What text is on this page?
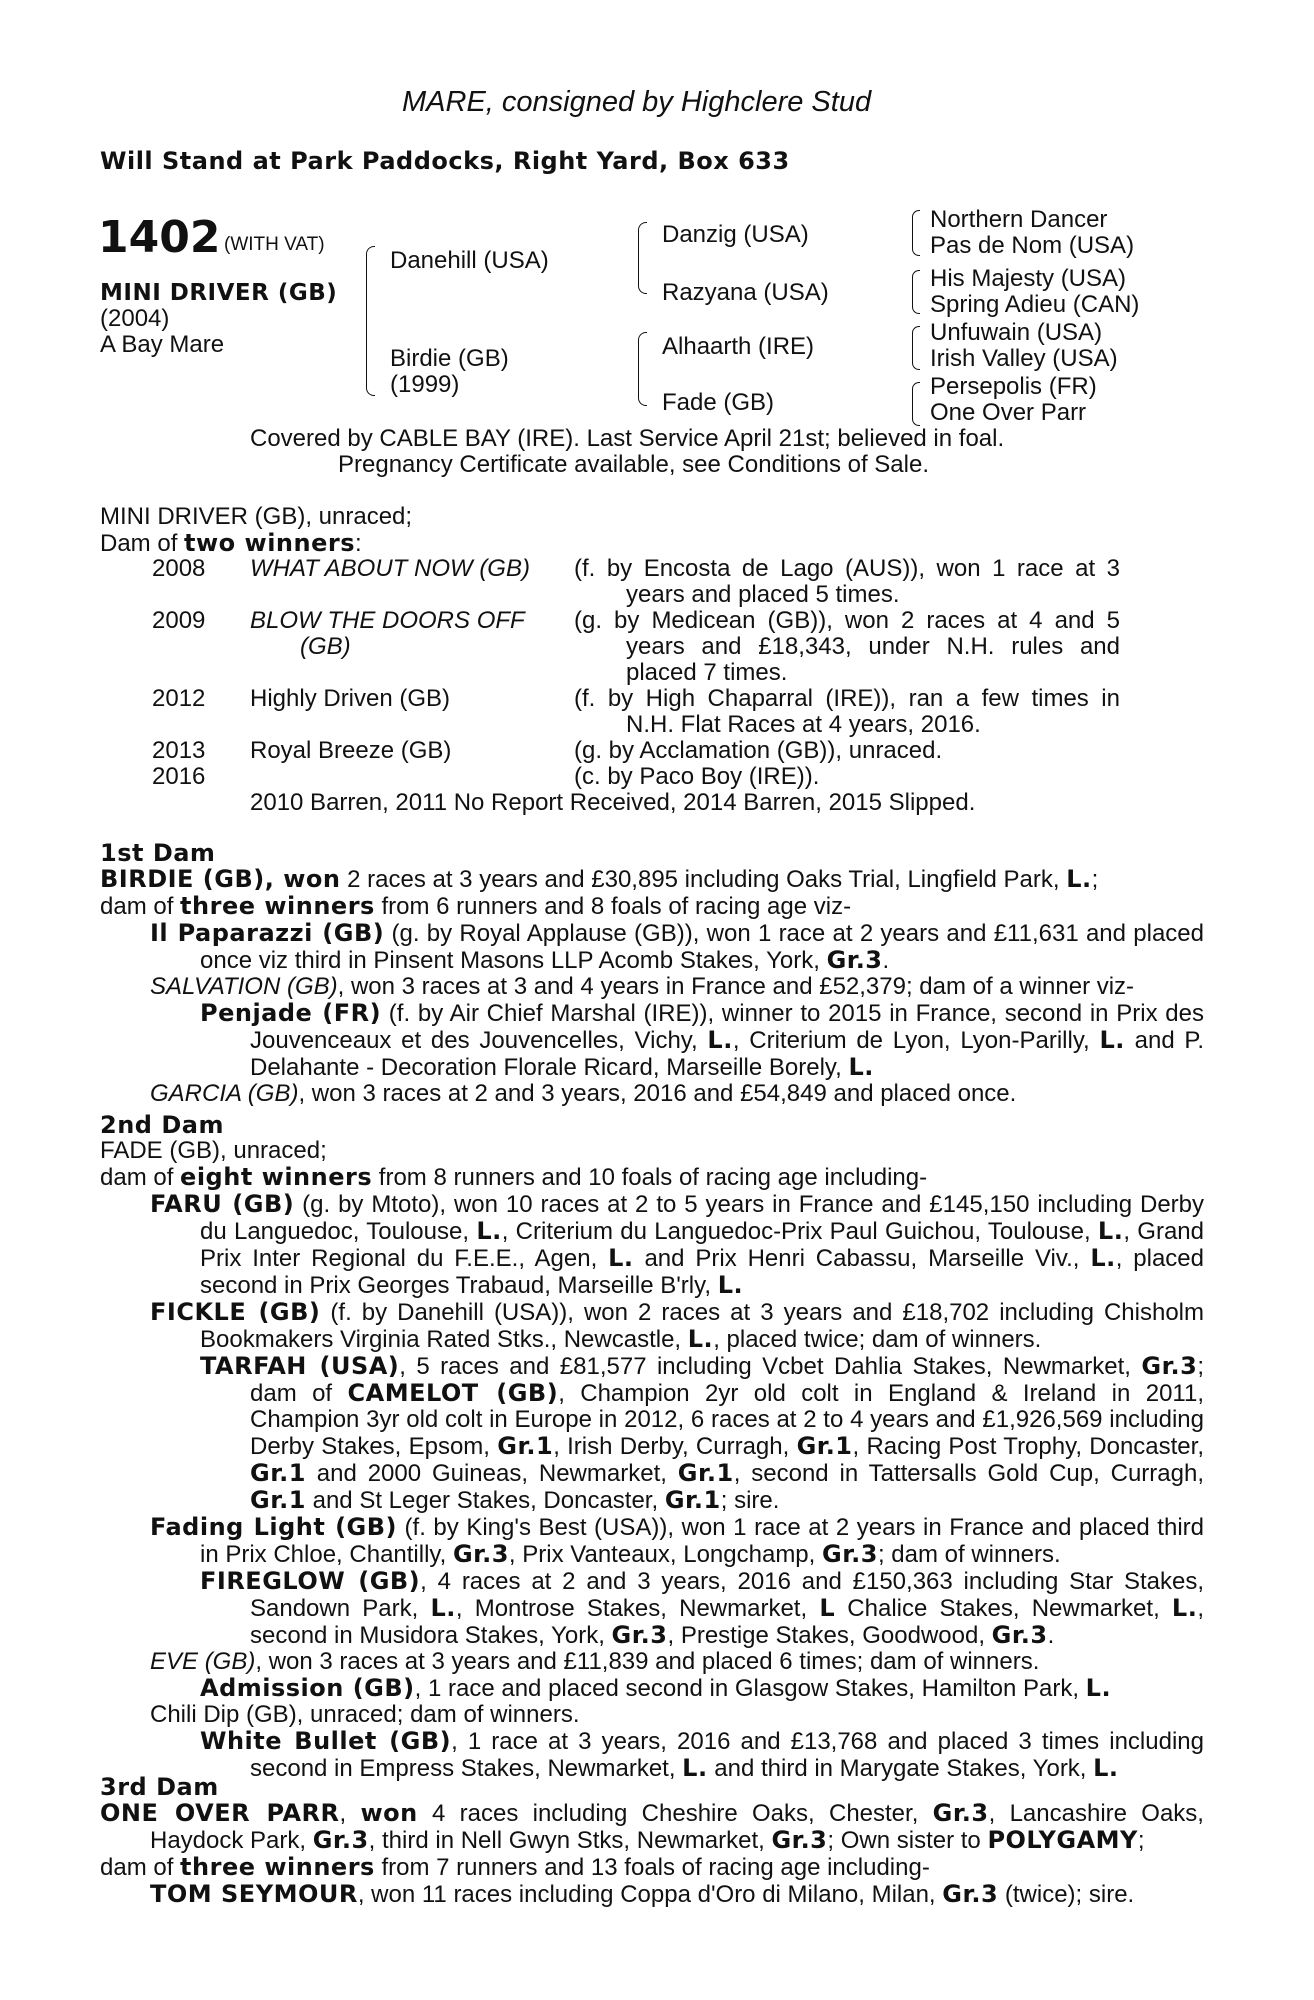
MARE, consigned by Highclere Stud
Will Stand at Park Paddocks, Right Yard, Box 633
1402 (WITH VAT)
MINI DRIVER (GB)
(2004)
A Bay Mare
Danehill (USA)
Birdie (GB)
(1999)
Danzig (USA)
Razyana (USA)
Alhaarth (IRE)
Fade (GB)
Northern Dancer
Pas de Nom (USA)
His Majesty (USA)
Spring Adieu (CAN)
Unfuwain (USA)
Irish Valley (USA)
Persepolis (FR)
One Over Parr
Covered by CABLE BAY (IRE). Last Service April 21st; believed in foal.
Pregnancy Certificate available, see Conditions of Sale.
MINI DRIVER (GB), unraced;
Dam of two winners:
2008 WHAT ABOUT NOW (GB) (f. by Encosta de Lago (AUS)), won 1 race at 3
years and placed 5 times.
2009 BLOW THE DOORS OFF
(GB)
(g. by Medicean (GB)), won 2 races at 4 and 5
years and £18,343, under N.H. rules and
placed 7 times.
2012 Highly Driven (GB)	(f. by High Chaparral (IRE)), ran a few times in
N.H. Flat Races at 4 years, 2016.
2013 Royal Breeze (GB)	(g. by Acclamation (GB)), unraced.
2016	(c. by Paco Boy (IRE)).
2010 Barren, 2011 No Report Received, 2014 Barren, 2015 Slipped.
1st Dam

BIRDIE (GB), won 2 races at 3 years and £30,895 including Oaks Trial, Lingfield Park, L.;

dam of three winners from 6 runners and 8 foals of racing age viz-

Il Paparazzi (GB) (g. by Royal Applause (GB)), won 1 race at 2 years and £11,631 and placed once viz third in Pinsent Masons LLP Acomb Stakes, York, Gr.3.

SALVATION (GB), won 3 races at 3 and 4 years in France and £52,379; dam of a winner viz-

Penjade (FR) (f. by Air Chief Marshal (IRE)), winner to 2015 in France, second in Prix des Jouvenceaux et des Jouvencelles, Vichy, L., Criterium de Lyon, Lyon-Parilly, L. and P. Delahante - Decoration Florale Ricard, Marseille Borely, L.

GARCIA (GB), won 3 races at 2 and 3 years, 2016 and £54,849 and placed once.

2nd Dam

FADE (GB), unraced;

dam of eight winners from 8 runners and 10 foals of racing age including-

FARU (GB) (g. by Mtoto), won 10 races at 2 to 5 years in France and £145,150 including Derby du Languedoc, Toulouse, L., Criterium du Languedoc-Prix Paul Guichou, Toulouse, L., Grand Prix Inter Regional du F.E.E., Agen, L. and Prix Henri Cabassu, Marseille Viv., L., placed second in Prix Georges Trabaud, Marseille B'rly, L.

FICKLE (GB) (f. by Danehill (USA)), won 2 races at 3 years and £18,702 including Chisholm Bookmakers Virginia Rated Stks., Newcastle, L., placed twice; dam of winners.

TARFAH (USA), 5 races and £81,577 including Vcbet Dahlia Stakes, Newmarket, Gr.3; dam of CAMELOT (GB), Champion 2yr old colt in England & Ireland in 2011, Champion 3yr old colt in Europe in 2012, 6 races at 2 to 4 years and £1,926,569 including Derby Stakes, Epsom, Gr.1, Irish Derby, Curragh, Gr.1, Racing Post Trophy, Doncaster, Gr.1 and 2000 Guineas, Newmarket, Gr.1, second in Tattersalls Gold Cup, Curragh, Gr.1 and St Leger Stakes, Doncaster, Gr.1; sire.

Fading Light (GB) (f. by King's Best (USA)), won 1 race at 2 years in France and placed third in Prix Chloe, Chantilly, Gr.3, Prix Vanteaux, Longchamp, Gr.3; dam of winners.

FIREGLOW (GB), 4 races at 2 and 3 years, 2016 and £150,363 including Star Stakes, Sandown Park, L., Montrose Stakes, Newmarket, L Chalice Stakes, Newmarket, L., second in Musidora Stakes, York, Gr.3, Prestige Stakes, Goodwood, Gr.3.

EVE (GB), won 3 races at 3 years and £11,839 and placed 6 times; dam of winners.

Admission (GB), 1 race and placed second in Glasgow Stakes, Hamilton Park, L.

Chili Dip (GB), unraced; dam of winners.

White Bullet (GB), 1 race at 3 years, 2016 and £13,768 and placed 3 times including second in Empress Stakes, Newmarket, L. and third in Marygate Stakes, York, L.

3rd Dam

ONE OVER PARR, won 4 races including Cheshire Oaks, Chester, Gr.3, Lancashire Oaks, Haydock Park, Gr.3, third in Nell Gwyn Stks, Newmarket, Gr.3; Own sister to POLYGAMY;

dam of three winners from 7 runners and 13 foals of racing age including-

TOM SEYMOUR, won 11 races including Coppa d'Oro di Milano, Milan, Gr.3 (twice); sire.
